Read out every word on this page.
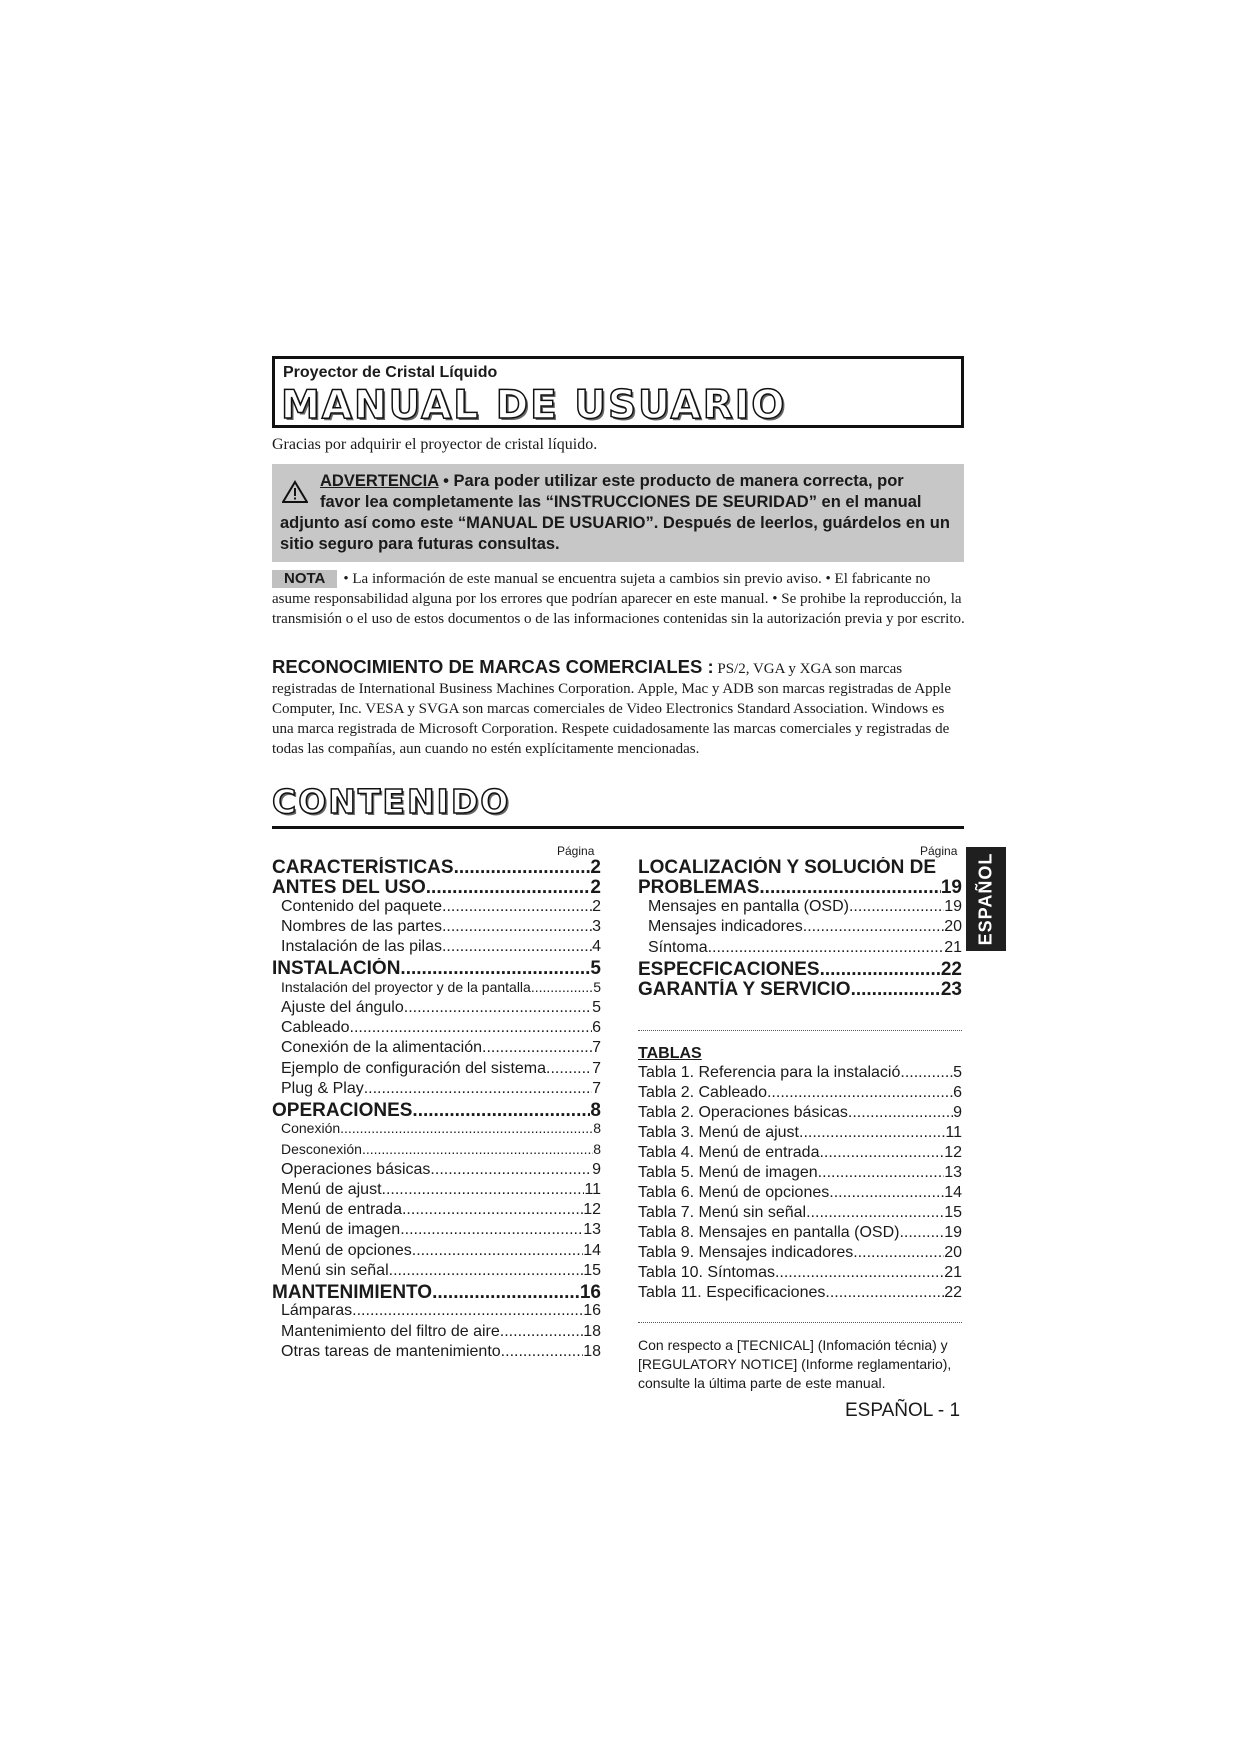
Proyector de Cristal Líquido
MANUAL DE USUARIO
Gracias por adquirir el proyector de cristal líquido.
ADVERTENCIA • Para poder utilizar este producto de manera correcta, por
favor lea completamente las “INSTRUCCIONES DE SEURIDAD” en el manual adjunto así como este “MANUAL DE USUARIO”. Después de leerlos, guárdelos en un sitio seguro para futuras consultas.
NOTA • La información de este manual se encuentra sujeta a cambios sin previo aviso. • El fabricante no asume responsabilidad alguna por los errores que podrían aparecer en este manual. • Se prohibe la reproducción, la transmisión o el uso de estos documentos o de las informaciones contenidas sin la autorización previa y por escrito.
RECONOCIMIENTO DE MARCAS COMERCIALES : PS/2, VGA y XGA son marcas registradas de International Business Machines Corporation. Apple, Mac y ADB son marcas registradas de Apple Computer, Inc. VESA y SVGA son marcas comerciales de Video Electronics Standard Association. Windows es una marca registrada de Microsoft Corporation. Respete cuidadosamente las marcas comerciales y registradas de todas las compañías, aun cuando no estén explícitamente mencionadas.
CONTENIDO
Página	Página
CARACTERÍSTICAS .....	2
ANTES DEL USO .....	2
Contenido del paquete .....	2
Nombres de las partes .....	3
Instalación de las pilas .....	4
INSTALACIÓN .....	5
Instalación del proyector y de la pantalla .....	5
Ajuste del ángulo .....	5
Cableado .....	6
Conexión de la alimentación .....	7
Ejemplo de configuración del sistema .....	7
Plug & Play .....	7
OPERACIONES .....	8
Conexión .....	8
Desconexión .....	8
Operaciones básicas .....	9
Menú de ajust .....	11
Menú de entrada .....	12
Menú de imagen .....	13
Menú de opciones .....	14
Menú sin señal .....	15
MANTENIMIENTO .....	16
Lámparas .....	16
Mantenimiento del filtro de aire .....	18
Otras tareas de mantenimiento .....	18
LOCALIZACIÓN Y SOLUCIÓN DE
PROBLEMAS .....	19
Mensajes en pantalla (OSD) .....	19
Mensajes indicadores .....	20
Síntoma .....	21
ESPECFICACIONES .....	22
GARANTÍA Y SERVICIO .....	23
TABLAS
Tabla 1. Referencia para la instalació .....	5
Tabla 2. Cableado .....	6
Tabla 2. Operaciones básicas .....	9
Tabla 3. Menú de ajust .....	11
Tabla 4. Menú de entrada .....	12
Tabla 5. Menú de imagen .....	13
Tabla 6. Menú de opciones .....	14
Tabla 7. Menú sin señal .....	15
Tabla 8. Mensajes en pantalla (OSD) .....	19
Tabla 9. Mensajes indicadores .....	20
Tabla 10. Síntomas .....	21
Tabla 11. Especificaciones .....	22
Con respecto a [TECNICAL] (Infomación técnia) y [REGULATORY NOTICE] (Informe reglamentario), consulte la última parte de este manual.
ESPAÑOL - 1
ESPAÑOL
